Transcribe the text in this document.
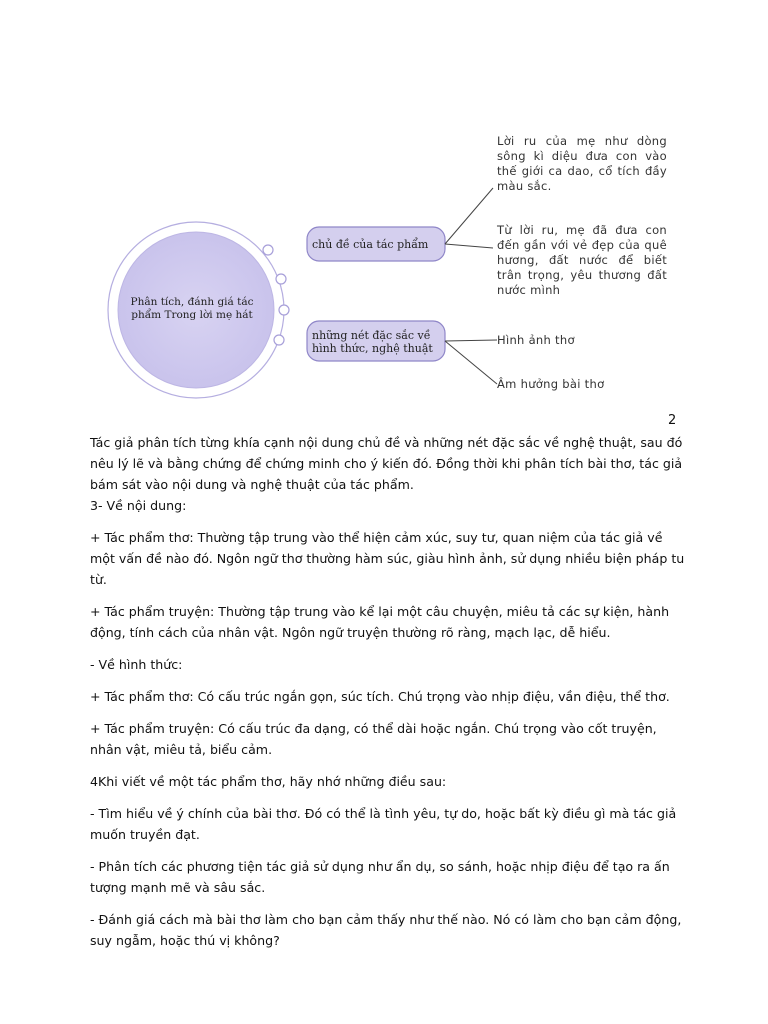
Phân tích, đánh giá tác phẩm Trong lời mẹ hát
chủ đề của tác phẩm
những nét đặc sắc về hình thức, nghệ thuật
Lời ru của mẹ như dòng sông kì diệu đưa con vào thế giới ca dao, cổ tích đầy màu sắc.
Từ lời ru, mẹ đã đưa con đến gần với vẻ đẹp của quê hương, đất nước để biết trân trọng, yêu thương đất nước mình
Hình ảnh thơ
Âm hưởng bài thơ
2

Tác giả phân tích từng khía cạnh nội dung chủ đề và những nét đặc sắc về nghệ thuật, sau đó nêu lý lẽ và bằng chứng để chứng minh cho ý kiến đó. Đồng thời khi phân tích bài thơ, tác giả bám sát vào nội dung và nghệ thuật của tác phẩm.

3- Về nội dung:

+ Tác phẩm thơ: Thường tập trung vào thể hiện cảm xúc, suy tư, quan niệm của tác giả về một vấn đề nào đó. Ngôn ngữ thơ thường hàm súc, giàu hình ảnh, sử dụng nhiều biện pháp tu từ.

+ Tác phẩm truyện: Thường tập trung vào kể lại một câu chuyện, miêu tả các sự kiện, hành động, tính cách của nhân vật. Ngôn ngữ truyện thường rõ ràng, mạch lạc, dễ hiểu.

- Về hình thức:

+ Tác phẩm thơ: Có cấu trúc ngắn gọn, súc tích. Chú trọng vào nhịp điệu, vần điệu, thể thơ.

+ Tác phẩm truyện: Có cấu trúc đa dạng, có thể dài hoặc ngắn. Chú trọng vào cốt truyện, nhân vật, miêu tả, biểu cảm.

4Khi viết về một tác phẩm thơ, hãy nhớ những điều sau:

- Tìm hiểu về ý chính của bài thơ. Đó có thể là tình yêu, tự do, hoặc bất kỳ điều gì mà tác giả muốn truyền đạt.

- Phân tích các phương tiện tác giả sử dụng như ẩn dụ, so sánh, hoặc nhịp điệu để tạo ra ấn tượng mạnh mẽ và sâu sắc.

- Đánh giá cách mà bài thơ làm cho bạn cảm thấy như thế nào. Nó có làm cho bạn cảm động, suy ngẫm, hoặc thú vị không?
